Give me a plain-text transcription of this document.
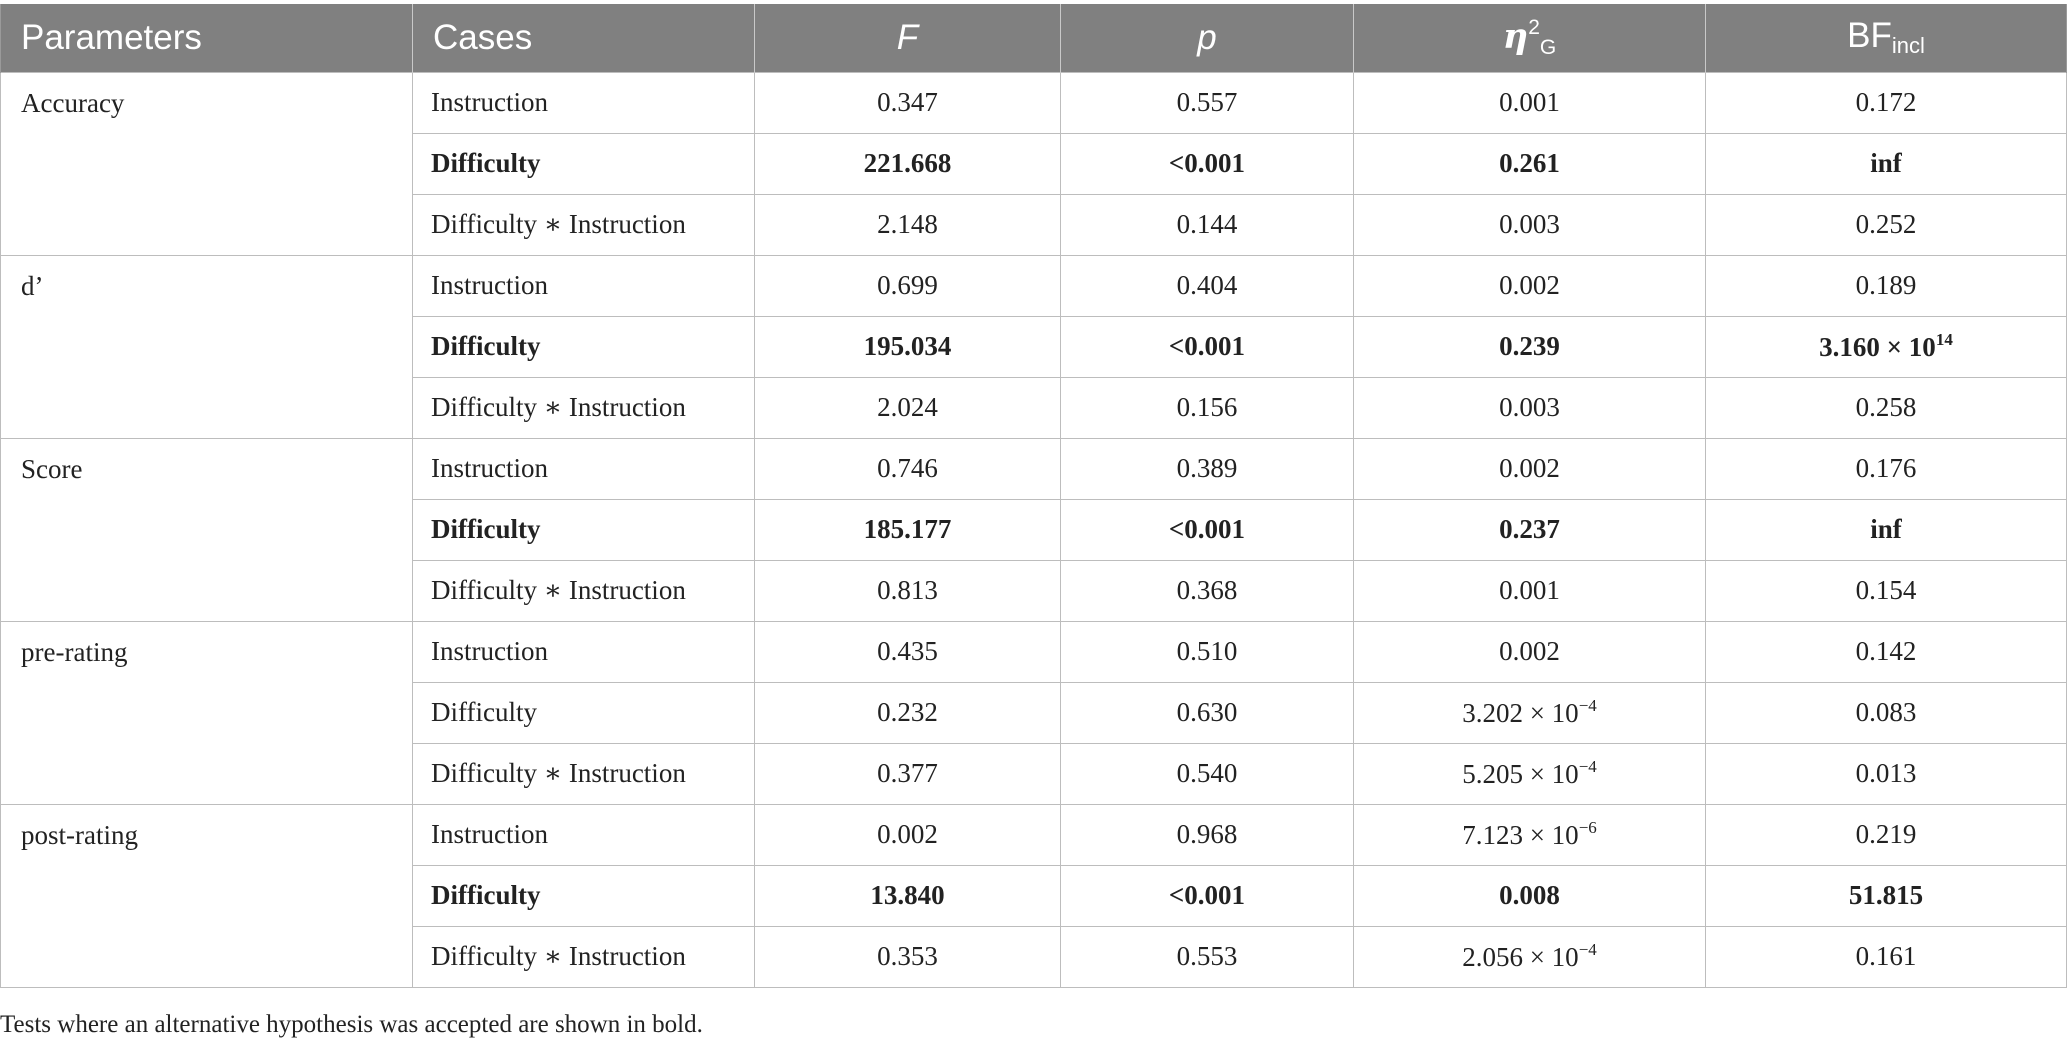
Parameters	Cases	F	p	$\eta^2G$	BFincl
Accuracy	Instruction	0.347	0.557	0.001	0.172
	Difficulty	221.668	<0.001	0.261	inf
	Difficulty ∗ Instruction	2.148	0.144	0.003	0.252
d’	Instruction	0.699	0.404	0.002	0.189
	Difficulty	195.034	<0.001	0.239	$3.160 \times 10^{14}$
	Difficulty ∗ Instruction	2.024	0.156	0.003	0.258
Score	Instruction	0.746	0.389	0.002	0.176
	Difficulty	185.177	<0.001	0.237	inf
	Difficulty ∗ Instruction	0.813	0.368	0.001	0.154
pre-rating	Instruction	0.435	0.510	0.002	0.142
	Difficulty	0.232	0.630	$3.202 \times 10^{-4}$	0.083
	Difficulty ∗ Instruction	0.377	0.540	$5.205 \times 10^{-4}$	0.013
post-rating	Instruction	0.002	0.968	$7.123 \times 10^{-6}$	0.219
	Difficulty	13.840	<0.001	0.008	51.815
	Difficulty ∗ Instruction	0.353	0.553	$2.056 \times 10^{-4}$	0.161
Tests where an alternative hypothesis was accepted are shown in bold.
